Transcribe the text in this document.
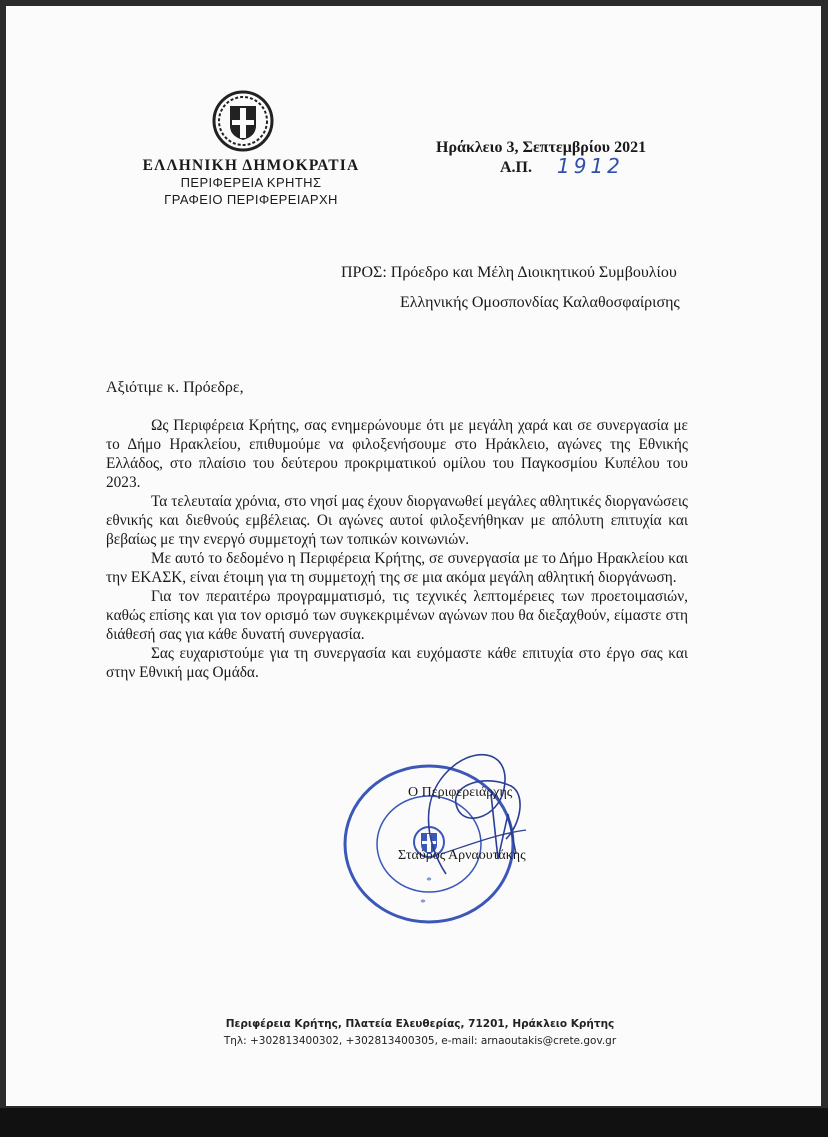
ΕΛΛΗΝΙΚΗ ΔΗΜΟΚΡΑΤΙΑ
ΠΕΡΙΦΕΡΕΙΑ ΚΡΗΤΗΣ
ΓΡΑΦΕΙΟ ΠΕΡΙΦΕΡΕΙΑΡΧΗ
Ηράκλειο 3, Σεπτεμβρίου 2021
Α.Π. 1912
ΠΡΟΣ: Πρόεδρο και Μέλη Διοικητικού Συμβουλίου
Ελληνικής Ομοσπονδίας Καλαθοσφαίρισης
Αξιότιμε κ. Πρόεδρε,

Ως Περιφέρεια Κρήτης, σας ενημερώνουμε ότι με μεγάλη χαρά και σε συνεργασία με το Δήμο Ηρακλείου, επιθυμούμε να φιλοξενήσουμε στο Ηράκλειο, αγώνες της Εθνικής Ελλάδος, στο πλαίσιο του δεύτερου προκριματικού ομίλου του Παγκοσμίου Κυπέλου του 2023.

Τα τελευταία χρόνια, στο νησί μας έχουν διοργανωθεί μεγάλες αθλητικές διοργανώσεις εθνικής και διεθνούς εμβέλειας. Οι αγώνες αυτοί φιλοξενήθηκαν με απόλυτη επιτυχία και βεβαίως με την ενεργό συμμετοχή των τοπικών κοινωνιών.

Με αυτό το δεδομένο η Περιφέρεια Κρήτης, σε συνεργασία με το Δήμο Ηρακλείου και την ΕΚΑΣΚ, είναι έτοιμη για τη συμμετοχή της σε μια ακόμα μεγάλη αθλητική διοργάνωση.

Για τον περαιτέρω προγραμματισμό, τις τεχνικές λεπτομέρειες των προετοιμασιών, καθώς επίσης και για τον ορισμό των συγκεκριμένων αγώνων που θα διεξαχθούν, είμαστε στη διάθεσή σας για κάθε δυνατή συνεργασία.

Σας ευχαριστούμε για τη συνεργασία και ευχόμαστε κάθε επιτυχία στο έργο σας και στην Εθνική μας Ομάδα.

*
*
Ο Περιφερειάρχης
Σταύρος Αρναουτάκης
Περιφέρεια Κρήτης, Πλατεία Ελευθερίας, 71201, Ηράκλειο Κρήτης
Τηλ: +302813400302, +302813400305, e-mail: arnaoutakis@crete.gov.gr
